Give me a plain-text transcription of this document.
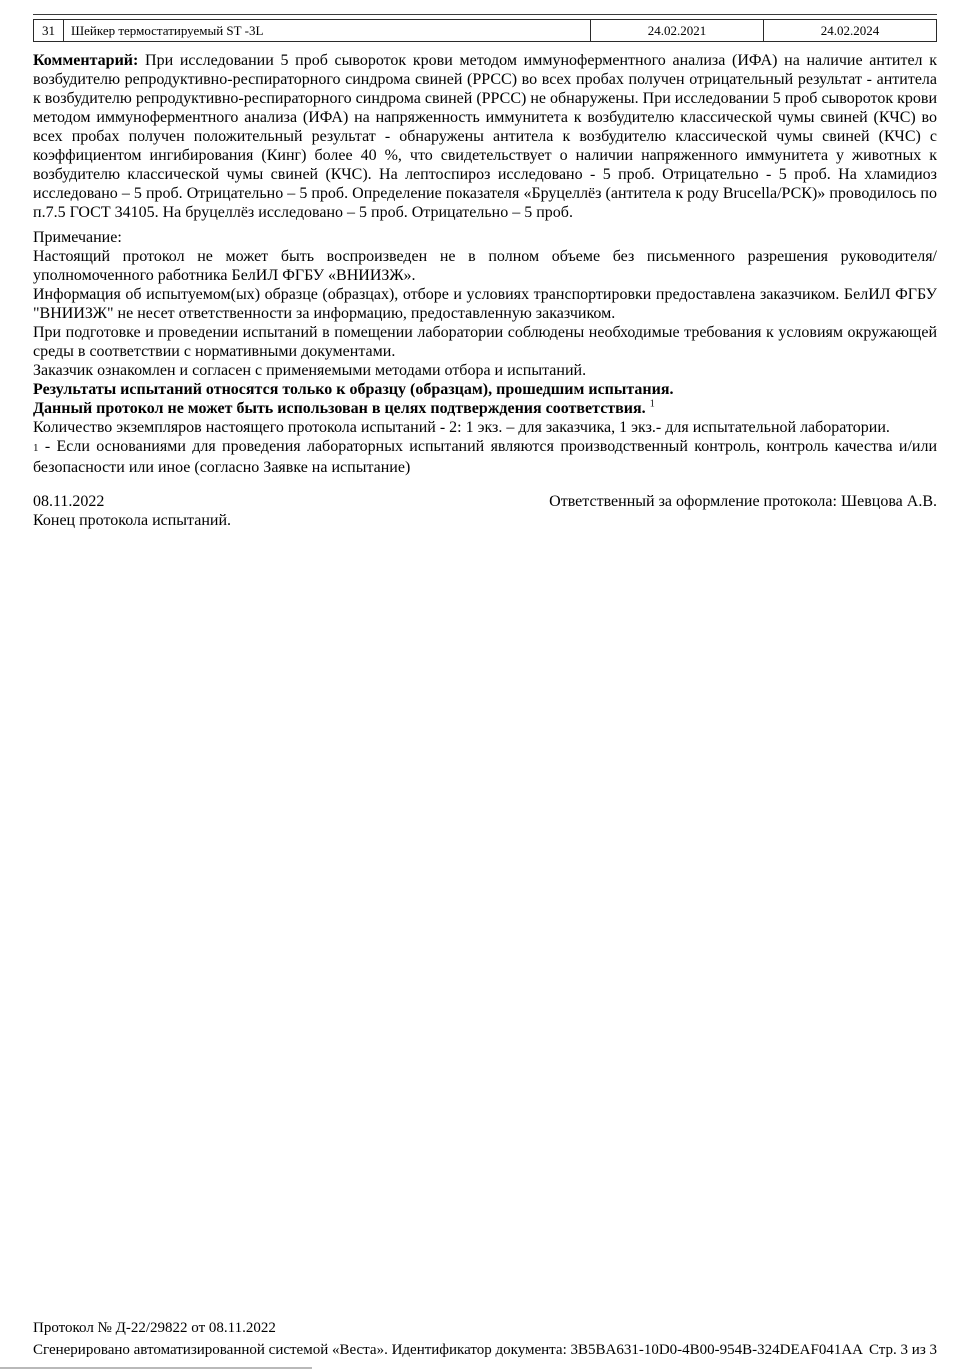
31	Шейкер термостатируемый ST -3L	24.02.2021	24.02.2024

Комментарий: При исследовании 5 проб сывороток крови методом иммуноферментного анализа (ИФА) на наличие антител к возбудителю репродуктивно-респираторного синдрома свиней (РРСС) во всех пробах получен отрицательный результат - антитела к возбудителю репродуктивно-респираторного синдрома свиней (РРСС) не обнаружены. При исследовании 5 проб сывороток крови методом иммуноферментного анализа (ИФА) на напряженность иммунитета к возбудителю классической чумы свиней (КЧС) во всех пробах получен положительный результат - обнаружены антитела к возбудителю классической чумы свиней (КЧС) с коэффициентом ингибирования (Кинг) более 40 %, что свидетельствует о наличии напряженного иммунитета у животных к возбудителю классической чумы свиней (КЧС). На лептоспироз исследовано - 5 проб. Отрицательно - 5 проб. На хламидиоз исследовано – 5 проб. Отрицательно – 5 проб. Определение показателя «Бруцеллёз (антитела к роду Brucella/РСК)» проводилось по п.7.5 ГОСТ 34105. На бруцеллёз исследовано – 5 проб. Отрицательно – 5 проб.

Примечание:
Настоящий протокол не может быть воспроизведен не в полном объеме без письменного разрешения руководителя/уполномоченного работника БелИЛ ФГБУ «ВНИИЗЖ».
Информация об испытуемом(ых) образце (образцах), отборе и условиях транспортировки предоставлена заказчиком. БелИЛ ФГБУ "ВНИИЗЖ" не несет ответственности за информацию, предоставленную заказчиком.
При подготовке и проведении испытаний в помещении лаборатории соблюдены необходимые требования к условиям окружающей среды в соответствии с нормативными документами.
Заказчик ознакомлен и согласен с применяемыми методами отбора и испытаний.
Результаты испытаний относятся только к образцу (образцам), прошедшим испытания.
Данный протокол не может быть использован в целях подтверждения соответствия. $^1$
Количество экземпляров настоящего протокола испытаний - 2: 1 экз. – для заказчика, 1 экз.- для испытательной лаборатории.
1 - Если основаниями для проведения лабораторных испытаний являются производственный контроль, контроль качества и/или безопасности или иное (согласно Заявке на испытание)
08.11.2022	Ответственный за оформление протокола: Шевцова А.В.
Конец протокола испытаний.
Протокол № Д-22/29822 от 08.11.2022
Сгенерировано автоматизированной системой «Веста». Идентификатор документа: 3B5BA631-10D0-4B00-954B-324DEAF041AA Стр. 3 из 3
